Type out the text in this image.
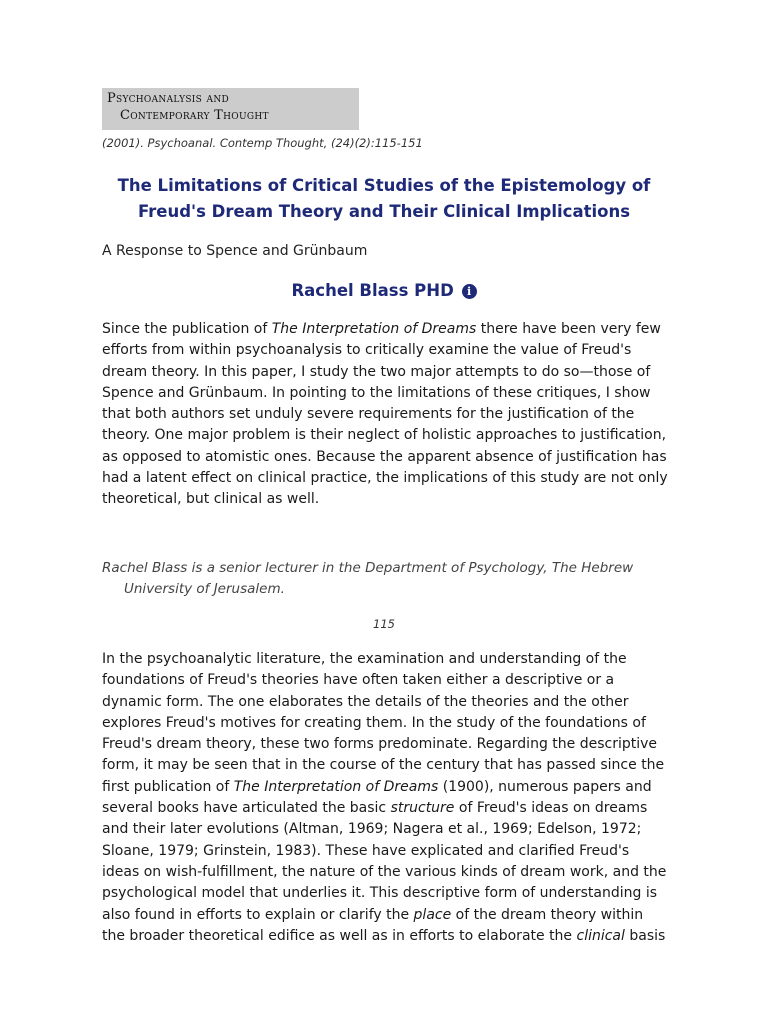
Psychoanalysis and
Contemporary Thought
(2001). Psychoanal. Contemp Thought, (24)(2):115-151
The Limitations of Critical Studies of the Epistemology of Freud's Dream Theory and Their Clinical Implications
A Response to Spence and Grünbaum
Rachel Blass PHD i

Since the publication of The Interpretation of Dreams there have been very few efforts from within psychoanalysis to critically examine the value of Freud's dream theory. In this paper, I study the two major attempts to do so—those of Spence and Grünbaum. In pointing to the limitations of these critiques, I show that both authors set unduly severe requirements for the justification of the theory. One major problem is their neglect of holistic approaches to justification, as opposed to atomistic ones. Because the apparent absence of justification has had a latent effect on clinical practice, the implications of this study are not only theoretical, but clinical as well.

Rachel Blass is a senior lecturer in the Department of Psychology, The Hebrew University of Jerusalem.

115

In the psychoanalytic literature, the examination and understanding of the foundations of Freud's theories have often taken either a descriptive or a dynamic form. The one elaborates the details of the theories and the other explores Freud's motives for creating them. In the study of the foundations of Freud's dream theory, these two forms predominate. Regarding the descriptive form, it may be seen that in the course of the century that has passed since the first publication of The Interpretation of Dreams (1900), numerous papers and several books have articulated the basic structure of Freud's ideas on dreams and their later evolutions (Altman, 1969; Nagera et al., 1969; Edelson, 1972; Sloane, 1979; Grinstein, 1983). These have explicated and clarified Freud's ideas on wish-fulfillment, the nature of the various kinds of dream work, and the psychological model that underlies it. This descriptive form of understanding is also found in efforts to explain or clarify the place of the dream theory within the broader theoretical edifice as well as in efforts to elaborate the clinical basis
